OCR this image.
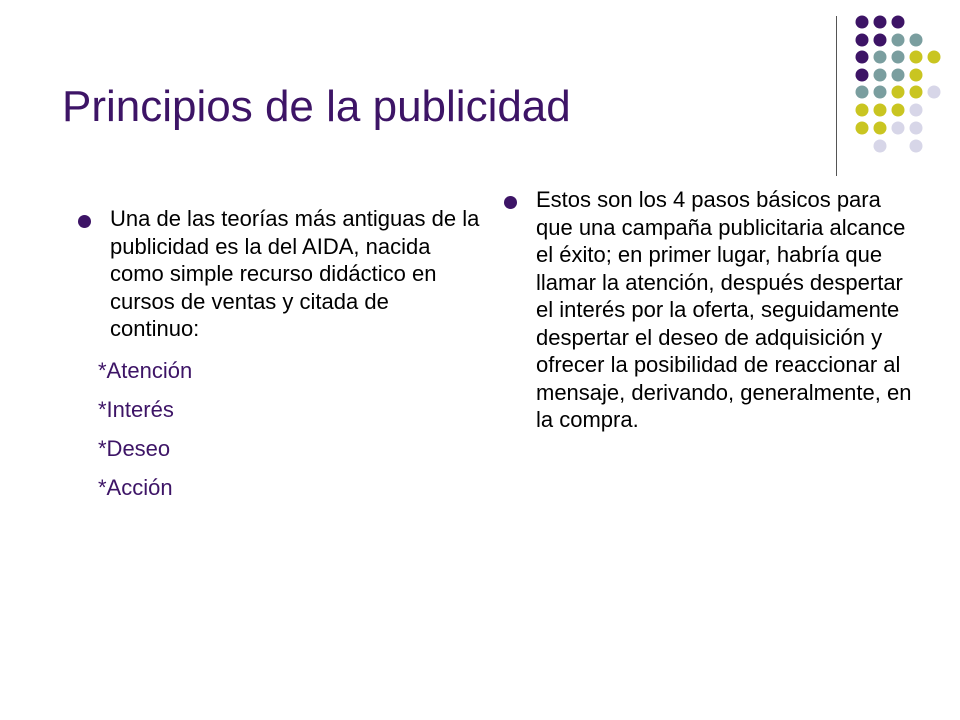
Principios de la publicidad
Una de las teorías más antiguas de la publicidad es la del AIDA, nacida como simple recurso didáctico en cursos de ventas y citada de continuo:
*Atención
*Interés
*Deseo
*Acción
Estos son los 4 pasos básicos para que una campaña publicitaria alcance el éxito; en primer lugar, habría que llamar la atención, después despertar el interés por la oferta, seguidamente despertar el deseo de adquisición y ofrecer la posibilidad de reaccionar al mensaje, derivando, generalmente, en la compra.
